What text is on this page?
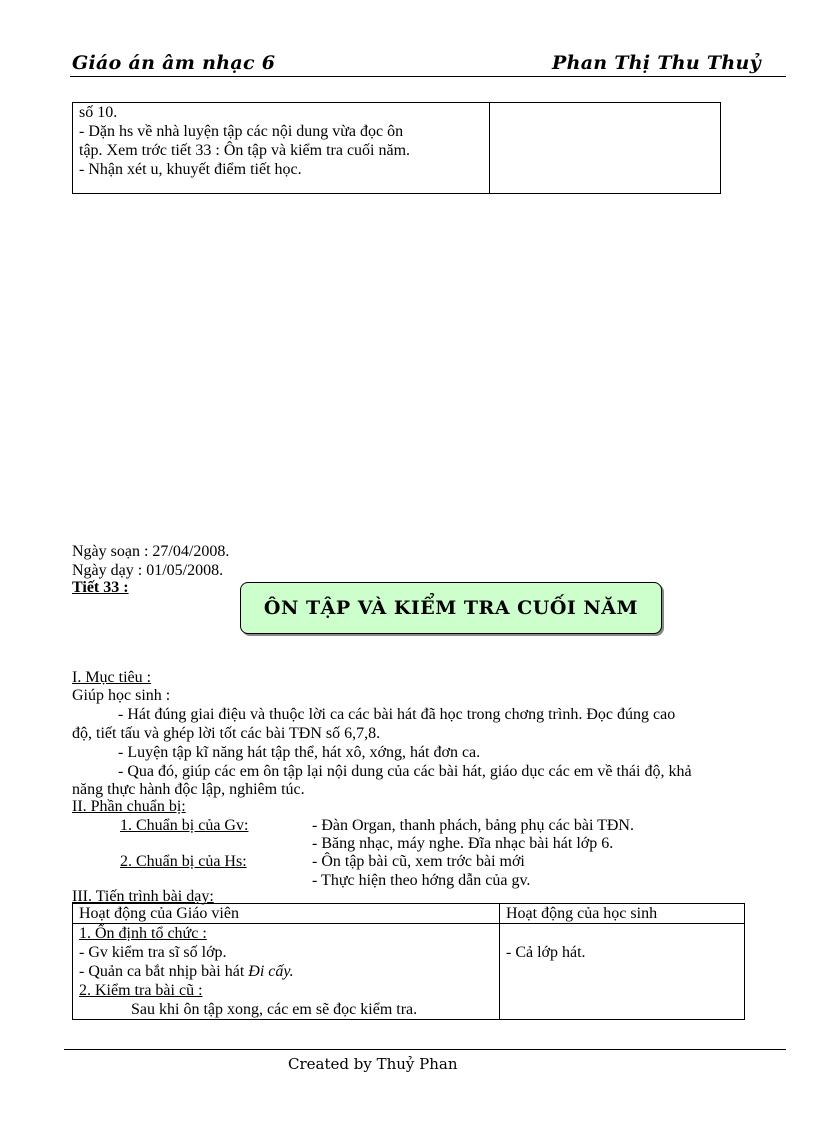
Giáo án âm nhạc 6	Phan Thị Thu Thuỷ
số 10.
- Dặn hs về nhà luyện tập các nội dung vừa đọc ôn
tập. Xem trớc tiết 33 : Ôn tập và kiểm tra cuối năm.
- Nhận xét u, khuyết điểm tiết học.

Ngày soạn : 27/04/2008.
Ngày dạy : 01/05/2008.
Tiết 33 :
ÔN TẬP VÀ KIỂM TRA CUỐI NĂM
I. Mục tiêu :
Giúp học sinh :
- Hát đúng giai điệu và thuộc lời ca các bài hát đã học trong chơng trình. Đọc đúng cao
độ, tiết tấu và ghép lời tốt các bài TĐN số 6,7,8.
- Luyện tập kĩ năng hát tập thể, hát xô, xớng, hát đơn ca.
- Qua đó, giúp các em ôn tập lại nội dung của các bài hát, giáo dục các em về thái độ, khả
năng thực hành độc lập, nghiêm túc.
II. Phần chuẩn bị:
1. Chuẩn bị của Gv:	- Đàn Organ, thanh phách, bảng phụ các bài TĐN.
- Băng nhạc, máy nghe. Đĩa nhạc bài hát lớp 6.
2. Chuẩn bị của Hs:	- Ôn tập bài cũ, xem trớc bài mới
- Thực hiện theo hớng dẫn của gv.
III. Tiến trình bài dạy:
Hoạt động của Giáo viên	Hoạt động của học sinh

1. Ổn định tổ chức :
- Gv kiểm tra sĩ số lớp.
- Quản ca bắt nhịp bài hát Đi cấy.
2. Kiểm tra bài cũ :
Sau khi ôn tập xong, các em sẽ đọc kiểm tra.	- Cả lớp hát.
Created by Thuỷ Phan
